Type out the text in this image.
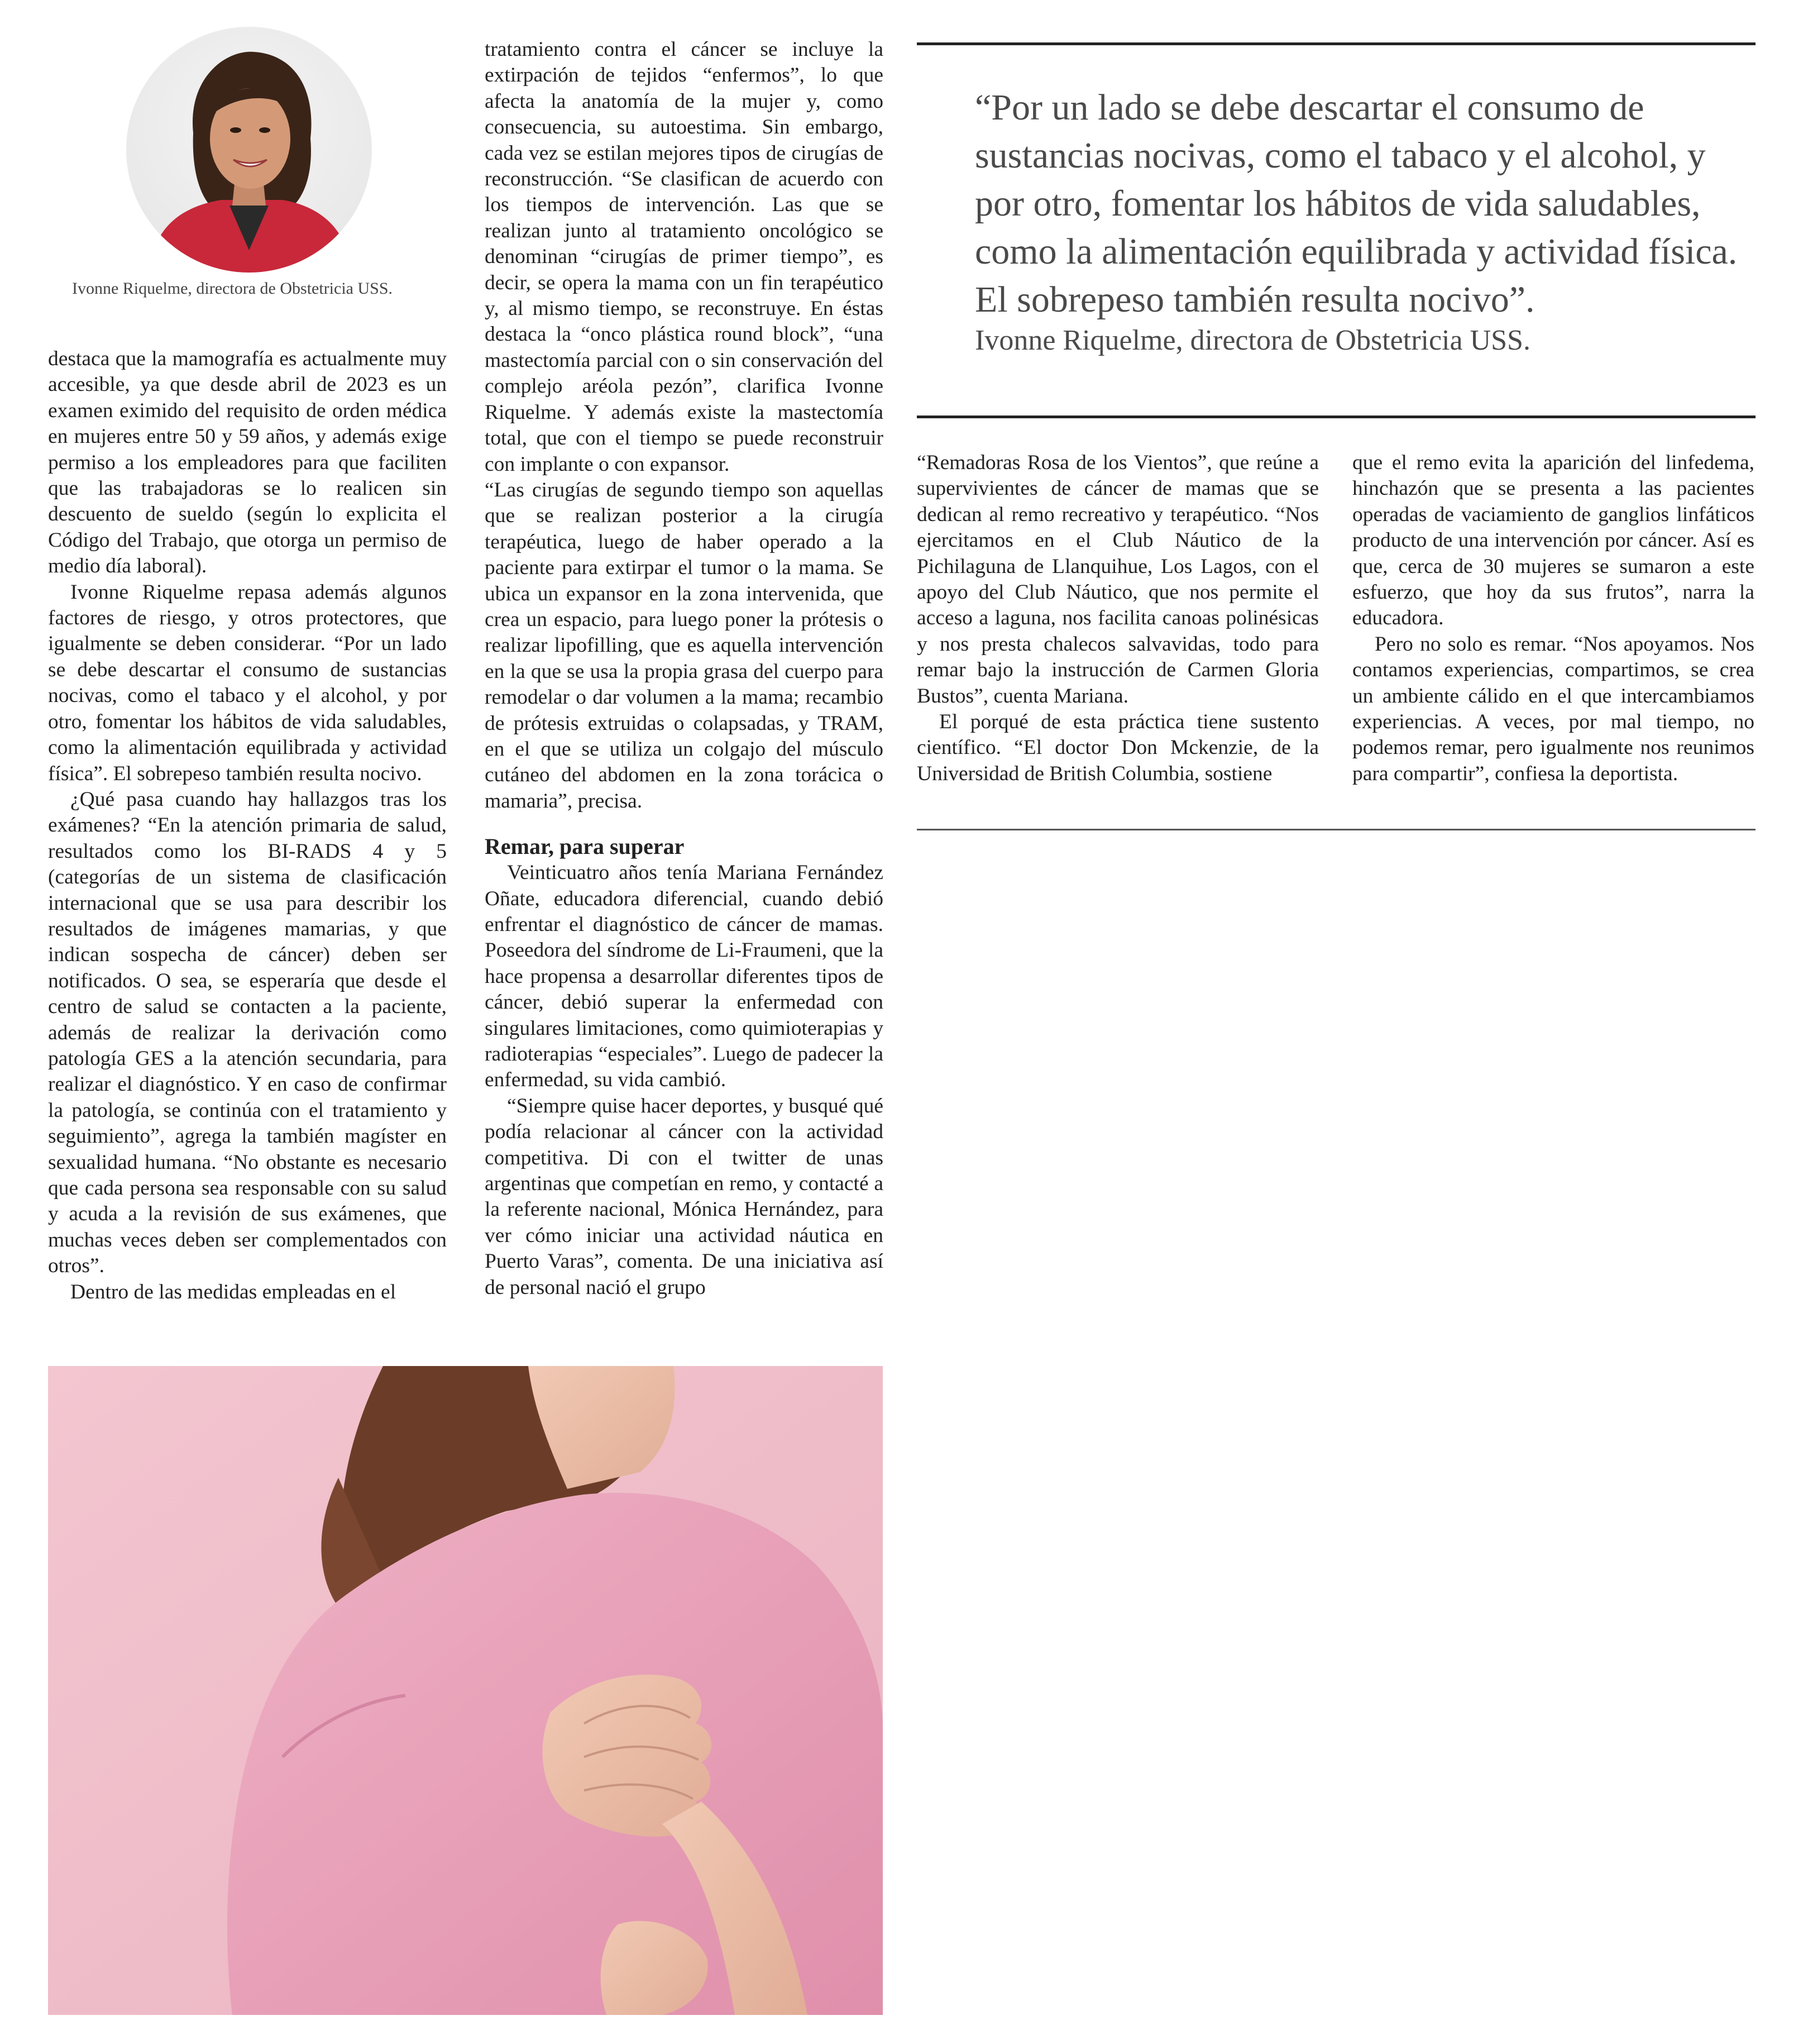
Ivonne Riquelme, directora de Obstetricia USS.

destaca que la mamografía es actualmente muy accesible, ya que desde abril de 2023 es un examen eximido del requisito de orden médica en mujeres entre 50 y 59 años, y además exige permiso a los empleadores para que faciliten que las trabajadoras se lo realicen sin descuento de sueldo (según lo explicita el Código del Trabajo, que otorga un permiso de medio día laboral).

Ivonne Riquelme repasa además algunos factores de riesgo, y otros protectores, que igualmente se deben considerar. “Por un lado se debe descartar el consumo de sustancias nocivas, como el tabaco y el alcohol, y por otro, fomentar los hábitos de vida saludables, como la alimentación equilibrada y actividad física”. El sobrepeso también resulta nocivo.

¿Qué pasa cuando hay hallazgos tras los exámenes? “En la atención primaria de salud, resultados como los BI-RADS 4 y 5 (categorías de un sistema de clasificación internacional que se usa para describir los resultados de imágenes mamarias, y que indican sospecha de cáncer) deben ser notificados. O sea, se esperaría que desde el centro de salud se contacten a la paciente, además de realizar la derivación como patología GES a la atención secundaria, para realizar el diagnóstico. Y en caso de confirmar la patología, se continúa con el tratamiento y seguimiento”, agrega la también magíster en sexualidad humana. “No obstante es necesario que cada persona sea responsable con su salud y acuda a la revisión de sus exámenes, que muchas veces deben ser complementados con otros”.

Dentro de las medidas empleadas en el

tratamiento contra el cáncer se incluye la extirpación de tejidos “enfermos”, lo que afecta la anatomía de la mujer y, como consecuencia, su autoestima. Sin embargo, cada vez se estilan mejores tipos de cirugías de reconstrucción. “Se clasifican de acuerdo con los tiempos de intervención. Las que se realizan junto al tratamiento oncológico se denominan “cirugías de primer tiempo”, es decir, se opera la mama con un fin terapéutico y, al mismo tiempo, se reconstruye. En éstas destaca la “onco plástica round block”, “una mastectomía parcial con o sin conservación del complejo aréola pezón”, clarifica Ivonne Riquelme. Y además existe la mastectomía total, que con el tiempo se puede reconstruir con implante o con expansor.

“Las cirugías de segundo tiempo son aquellas que se realizan posterior a la cirugía terapéutica, luego de haber operado a la paciente para extirpar el tumor o la mama. Se ubica un expansor en la zona intervenida, que crea un espacio, para luego poner la prótesis o realizar lipofilling, que es aquella intervención en la que se usa la propia grasa del cuerpo para remodelar o dar volumen a la mama; recambio de prótesis extruidas o colapsadas, y TRAM, en el que se utiliza un colgajo del músculo cutáneo del abdomen en la zona torácica o mamaria”, precisa.

Remar, para superar

Veinticuatro años tenía Mariana Fernández Oñate, educadora diferencial, cuando debió enfrentar el diagnóstico de cáncer de mamas. Poseedora del síndrome de Li-Fraumeni, que la hace propensa a desarrollar diferentes tipos de cáncer, debió superar la enfermedad con singulares limitaciones, como quimioterapias y radioterapias “especiales”. Luego de padecer la enfermedad, su vida cambió.

“Siempre quise hacer deportes, y busqué qué podía relacionar al cáncer con la actividad competitiva. Di con el twitter de unas argentinas que competían en remo, y contacté a la referente nacional, Mónica Hernández, para ver cómo iniciar una actividad náutica en Puerto Varas”, comenta. De una iniciativa así de personal nació el grupo

“Por un lado se debe descartar el consumo de sustancias nocivas, como el tabaco y el alcohol, y por otro, fomentar los hábitos de vida saludables, como la alimentación equilibrada y actividad física. El sobrepeso también resulta nocivo”.
Ivonne Riquelme, directora de Obstetricia USS.

“Remadoras Rosa de los Vientos”, que reúne a supervivientes de cáncer de mamas que se dedican al remo recreativo y terapéutico. “Nos ejercitamos en el Club Náutico de la Pichilaguna de Llanquihue, Los Lagos, con el apoyo del Club Náutico, que nos permite el acceso a laguna, nos facilita canoas polinésicas y nos presta chalecos salvavidas, todo para remar bajo la instrucción de Carmen Gloria Bustos”, cuenta Mariana.

El porqué de esta práctica tiene sustento científico. “El doctor Don Mckenzie, de la Universidad de British Columbia, sostiene

que el remo evita la aparición del linfedema, hinchazón que se presenta a las pacientes operadas de vaciamiento de ganglios linfáticos producto de una intervención por cáncer. Así es que, cerca de 30 mujeres se sumaron a este esfuerzo, que hoy da sus frutos”, narra la educadora.

Pero no solo es remar. “Nos apoyamos. Nos contamos experiencias, compartimos, se crea un ambiente cálido en el que intercambiamos experiencias. A veces, por mal tiempo, no podemos remar, pero igualmente nos reunimos para compartir”, confiesa la deportista.
